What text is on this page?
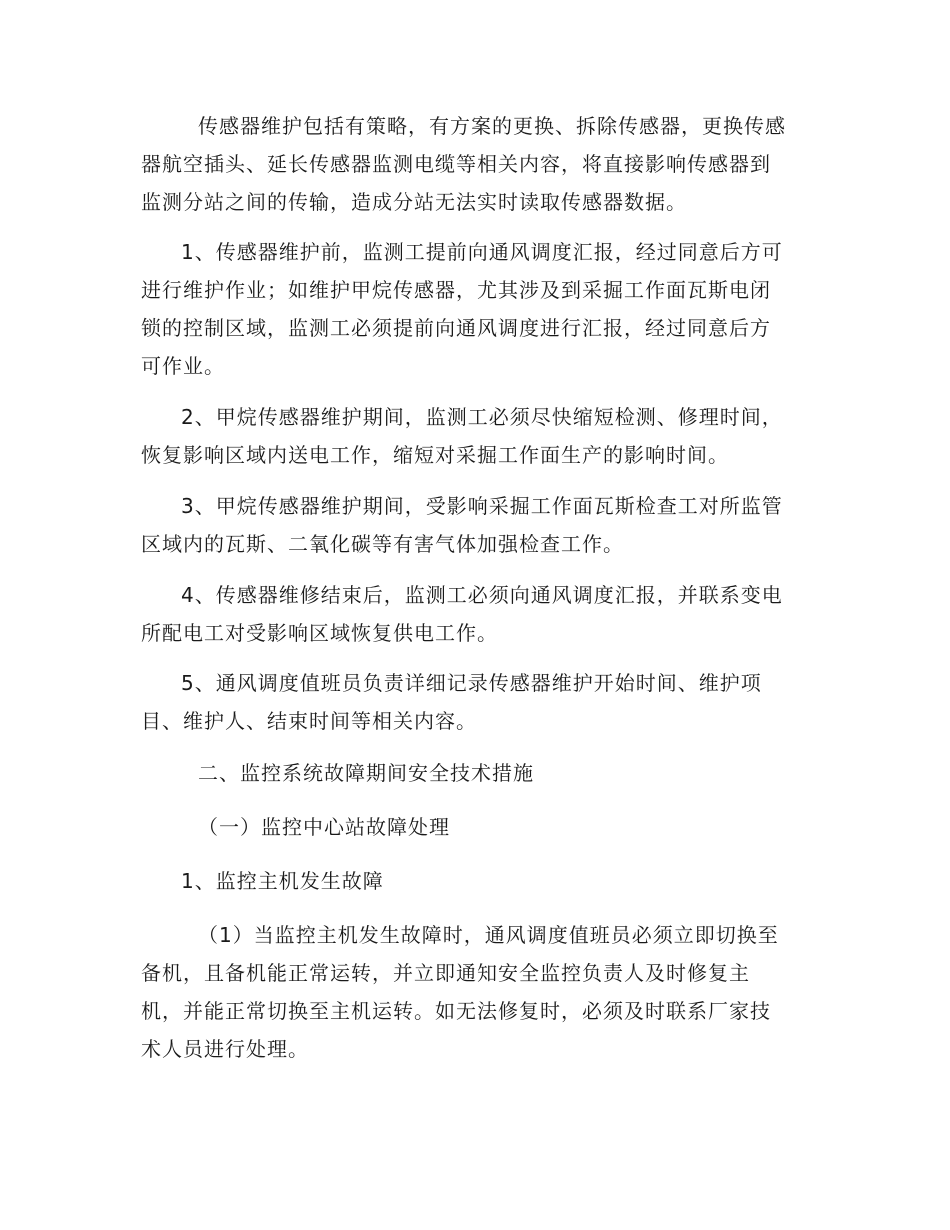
传感器维护包括有策略，有方案的更换、拆除传感器，更换传感
器航空插头、延长传感器监测电缆等相关内容，将直接影响传感器到
监测分站之间的传输，造成分站无法实时读取传感器数据。
1、传感器维护前，监测工提前向通风调度汇报，经过同意后方可
进行维护作业；如维护甲烷传感器，尤其涉及到采掘工作面瓦斯电闭
锁的控制区域，监测工必须提前向通风调度进行汇报，经过同意后方
可作业。
2、甲烷传感器维护期间，监测工必须尽快缩短检测、修理时间，
恢复影响区域内送电工作，缩短对采掘工作面生产的影响时间。
3、甲烷传感器维护期间，受影响采掘工作面瓦斯检查工对所监管
区域内的瓦斯、二氧化碳等有害气体加强检查工作。
4、传感器维修结束后，监测工必须向通风调度汇报，并联系变电
所配电工对受影响区域恢复供电工作。
5、通风调度值班员负责详细记录传感器维护开始时间、维护项
目、维护人、结束时间等相关内容。
二、监控系统故障期间安全技术措施
（一）监控中心站故障处理
1、监控主机发生故障
（1）当监控主机发生故障时，通风调度值班员必须立即切换至
备机，且备机能正常运转，并立即通知安全监控负责人及时修复主
机，并能正常切换至主机运转。如无法修复时，必须及时联系厂家技
术人员进行处理。
